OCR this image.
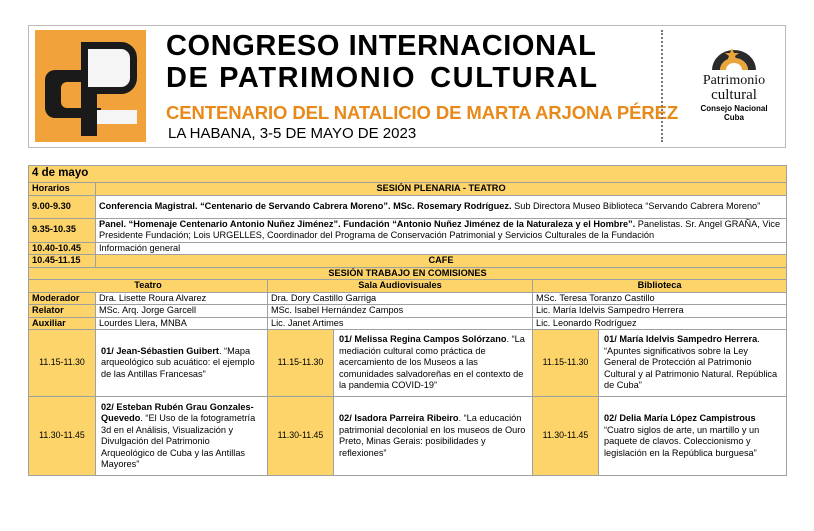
CONGRESO INTERNACIONAL
DE PATRIMONIO CULTURAL
CENTENARIO DEL NATALICIO DE MARTA ARJONA PÉREZ
LA HABANA, 3-5 DE MAYO DE 2023
Patrimonio
cultural
Consejo Nacional
Cuba
4 de mayo					
Horarios	SESIÓN PLENARIA - TEATRO				
9.00-9.30	Conferencia Magistral. “Centenario de Servando Cabrera Moreno”. MSc. Rosemary Rodríguez. Sub Directora Museo Biblioteca “Servando Cabrera Moreno”				
9.35-10.35	Panel. “Homenaje Centenario Antonio Nuñez Jiménez”. Fundación “Antonio Nuñez Jiménez de la Naturaleza y el Hombre”. Panelistas. Sr. Angel GRAÑA, Vice Presidente Fundación; Lois URGELLES, Coordinador del Programa de Conservación Patrimonial y Servicios Culturales de la Fundación				
10.40-10.45	Información general				
10.45-11.15	CAFE				
SESIÓN TRABAJO EN COMISIONES					
Teatro		Sala Audiovisuales		Biblioteca	
Moderador	Dra. Lisette Roura Alvarez	Dra. Dory Castillo Garriga		MSc. Teresa Toranzo Castillo	
Relator	MSc. Arq. Jorge Garcell	MSc. Isabel Hernández Campos		Lic. María Idelvis Sampedro Herrera	
Auxiliar	Lourdes Llera, MNBA	Lic. Janet Artimes		Lic. Leonardo Rodríguez	
11.15-11.30	01/ Jean-Sébastien Guibert. “Mapa arqueológico sub acuático: el ejemplo de las Antillas Francesas”	11.15-11.30	01/ Melissa Regina Campos Solórzano. “La mediación cultural como práctica de acercamiento de los Museos a las comunidades salvadoreñas en el contexto de la pandemia COVID-19”	11.15-11.30	01/ María Idelvis Sampedro Herrera. “Apuntes significativos sobre la Ley General de Protección al Patrimonio Cultural y al Patrimonio Natural. República de Cuba”
11.30-11.45	02/ Esteban Rubén Grau Gonzales-Quevedo. “El Uso de la fotogrametría 3d en el Análisis, Visualización y Divulgación del Patrimonio Arqueológico de Cuba y las Antillas Mayores”	11.30-11.45	02/ Isadora Parreira Ribeiro. “La educación patrimonial decolonial en los museos de Ouro Preto, Minas Gerais: posibilidades y reflexiones”	11.30-11.45	02/ Delia María López Campistrous “Cuatro siglos de arte, un martillo y un paquete de clavos. Coleccionismo y legislación en la República burguesa”
